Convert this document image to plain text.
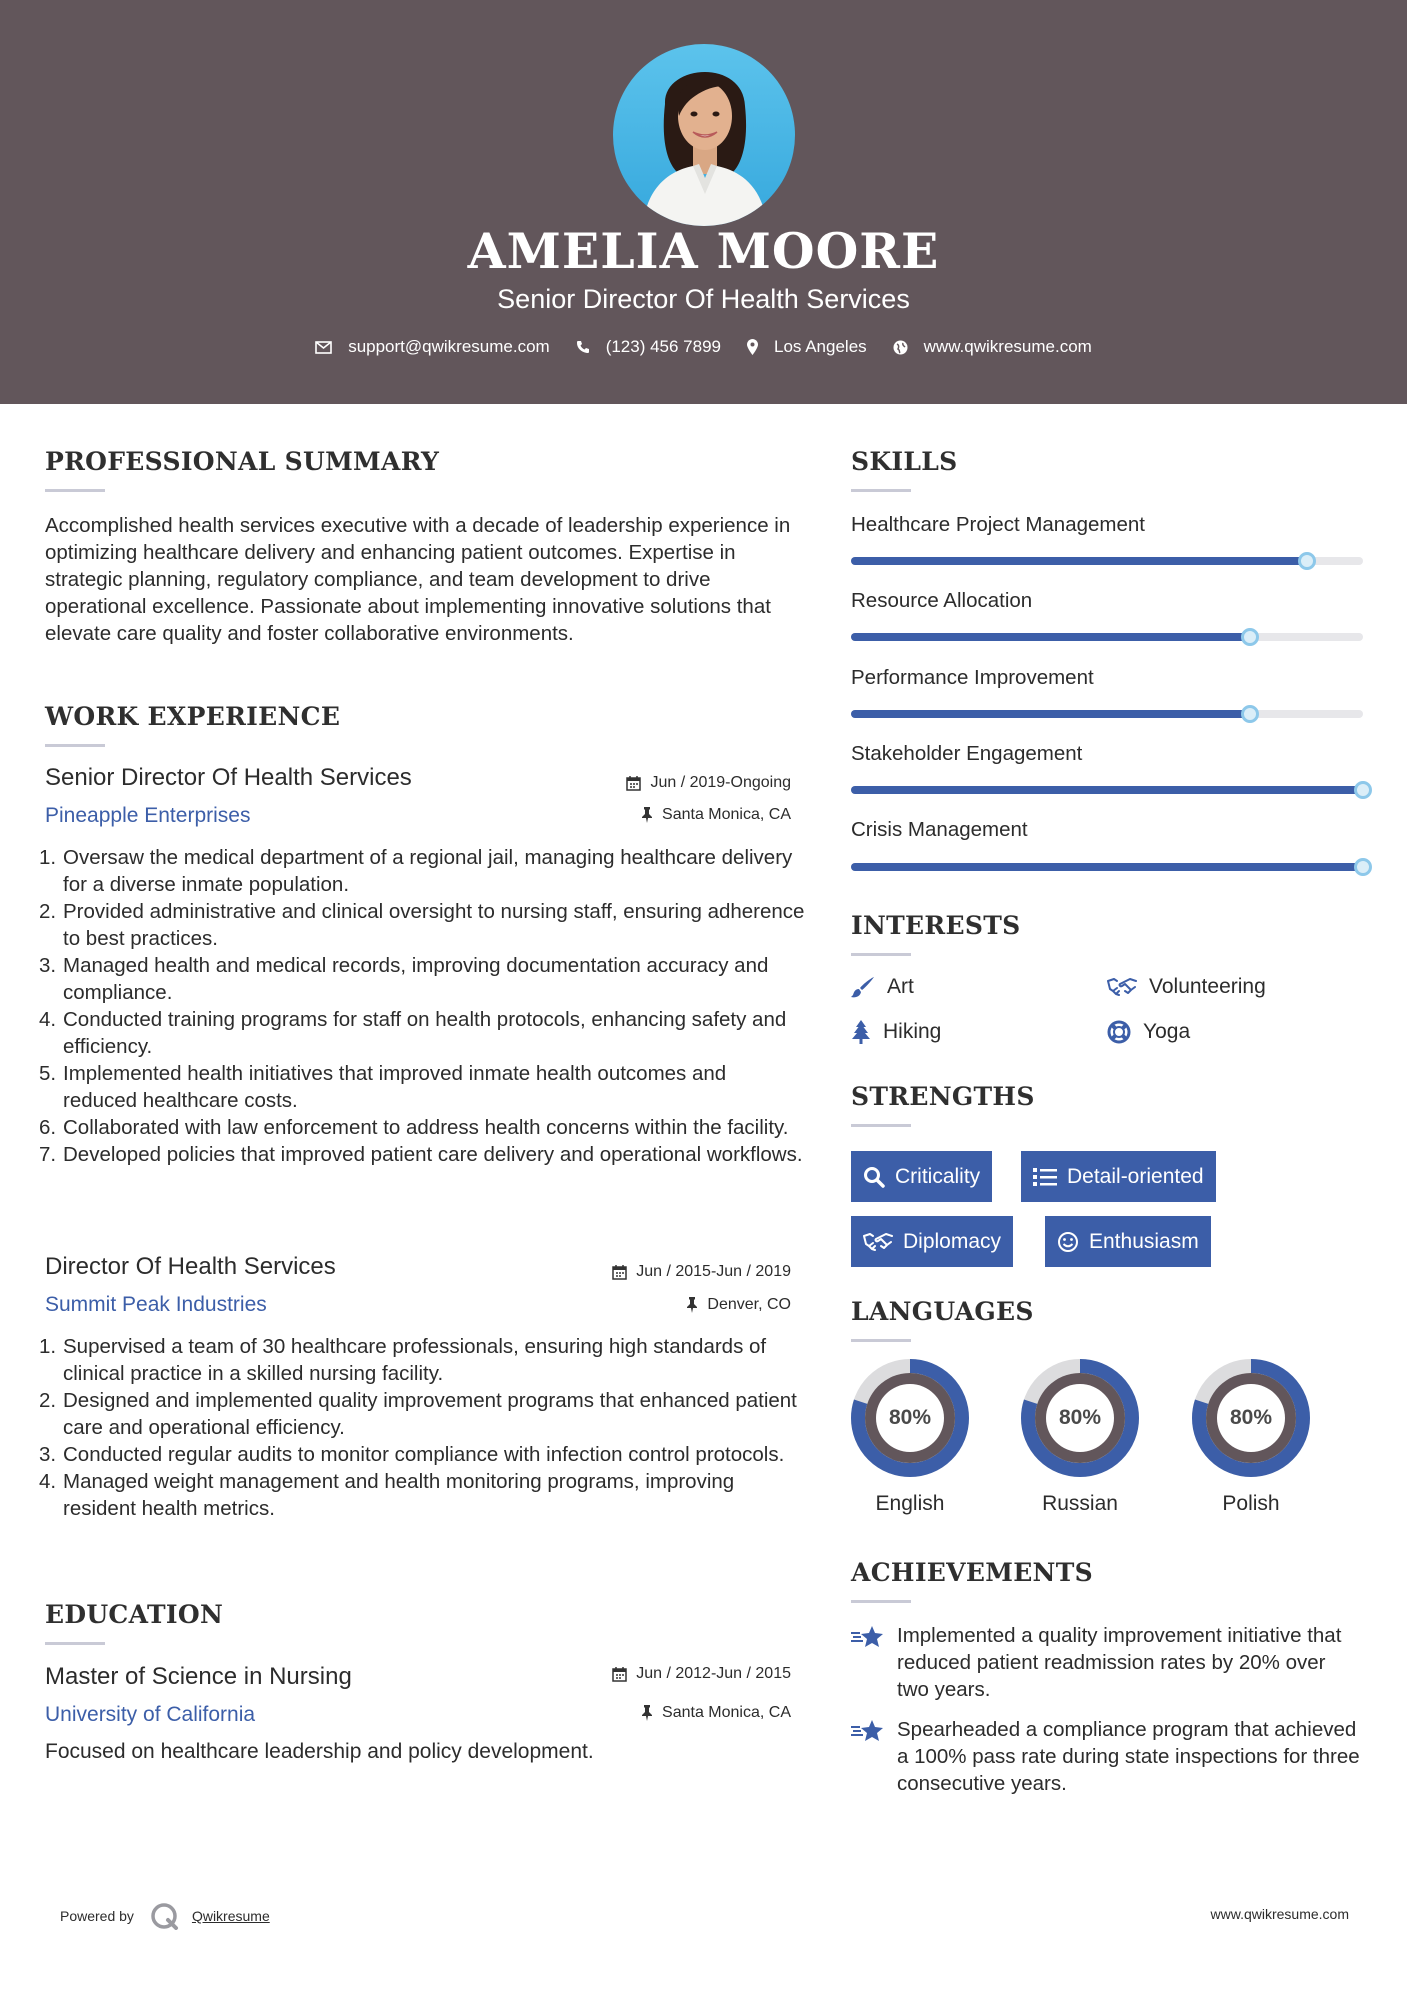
AMELIA MOORE
Senior Director Of Health Services
support@qwikresume.com	(123) 456 7899	Los Angeles	www.qwikresume.com
PROFESSIONAL SUMMARY
Accomplished health services executive with a decade of leadership experience in optimizing healthcare delivery and enhancing patient outcomes. Expertise in strategic planning, regulatory compliance, and team development to drive operational excellence. Passionate about implementing innovative solutions that elevate care quality and foster collaborative environments.
WORK EXPERIENCE
Senior Director Of Health Services	Jun / 2019-Ongoing
Pineapple Enterprises	Santa Monica, CA
1. Oversaw the medical department of a regional jail, managing healthcare delivery for a diverse inmate population.
2. Provided administrative and clinical oversight to nursing staff, ensuring adherence to best practices.
3. Managed health and medical records, improving documentation accuracy and compliance.
4. Conducted training programs for staff on health protocols, enhancing safety and efficiency.
5. Implemented health initiatives that improved inmate health outcomes and reduced healthcare costs.
6. Collaborated with law enforcement to address health concerns within the facility.
7. Developed policies that improved patient care delivery and operational workflows.
Director Of Health Services	Jun / 2015-Jun / 2019
Summit Peak Industries	Denver, CO
1. Supervised a team of 30 healthcare professionals, ensuring high standards of clinical practice in a skilled nursing facility.
2. Designed and implemented quality improvement programs that enhanced patient care and operational efficiency.
3. Conducted regular audits to monitor compliance with infection control protocols.
4. Managed weight management and health monitoring programs, improving resident health metrics.
EDUCATION
Master of Science in Nursing	Jun / 2012-Jun / 2015
University of California	Santa Monica, CA
Focused on healthcare leadership and policy development.
SKILLS
Healthcare Project Management
Resource Allocation
Performance Improvement
Stakeholder Engagement
Crisis Management
INTERESTS
Art	Volunteering
Hiking	Yoga
STRENGTHS
Criticality	Detail-oriented
Diplomacy	Enthusiasm
LANGUAGES
80%
English
80%
Russian
80%
Polish
ACHIEVEMENTS
Implemented a quality improvement initiative that reduced patient readmission rates by 20% over two years.
Spearheaded a compliance program that achieved a 100% pass rate during state inspections for three consecutive years.
Powered by	Qwikresume	www.qwikresume.com
